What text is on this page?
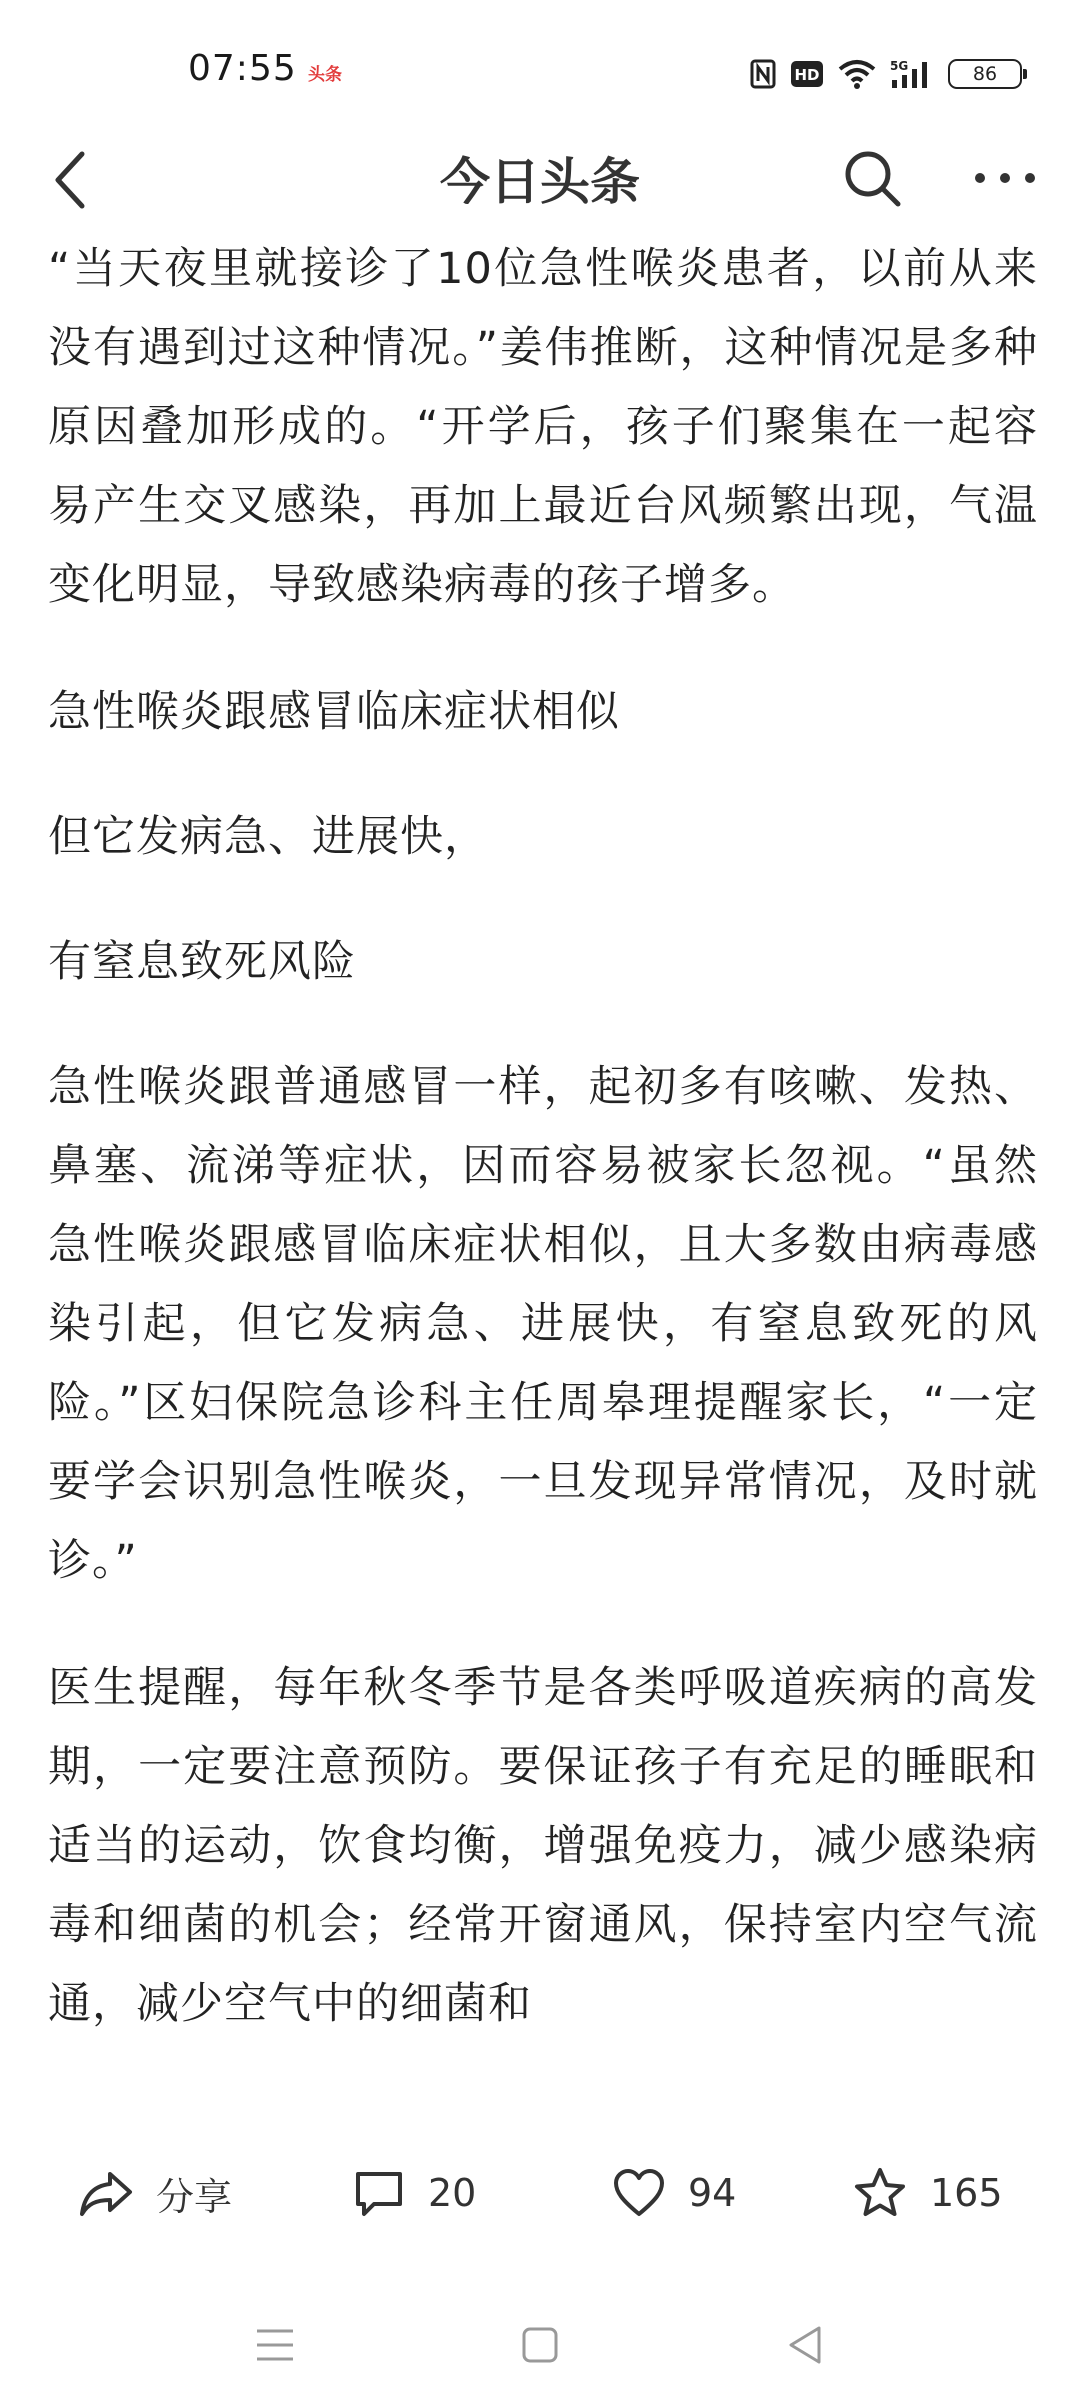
07:55 头条	HD	5G	86
今日头条

“当天夜里就接诊了10位急性喉炎患者，以前从来没有遇到过这种情况。”姜伟推断，这种情况是多种原因叠加形成的。“开学后，孩子们聚集在一起容易产生交叉感染，再加上最近台风频繁出现，气温变化明显，导致感染病毒的孩子增多。

急性喉炎跟感冒临床症状相似

但它发病急、进展快，

有窒息致死风险

急性喉炎跟普通感冒一样，起初多有咳嗽、发热、鼻塞、流涕等症状，因而容易被家长忽视。“虽然急性喉炎跟感冒临床症状相似，且大多数由病毒感染引起，但它发病急、进展快，有窒息致死的风险。”区妇保院急诊科主任周皋理提醒家长，“一定要学会识别急性喉炎，一旦发现异常情况，及时就诊。”

医生提醒，每年秋冬季节是各类呼吸道疾病的高发期，一定要注意预防。要保证孩子有充足的睡眠和适当的运动，饮食均衡，增强免疫力，减少感染病毒和细菌的机会；经常开窗通风，保持室内空气流通，减少空气中的细菌和

分享	20	94	165
